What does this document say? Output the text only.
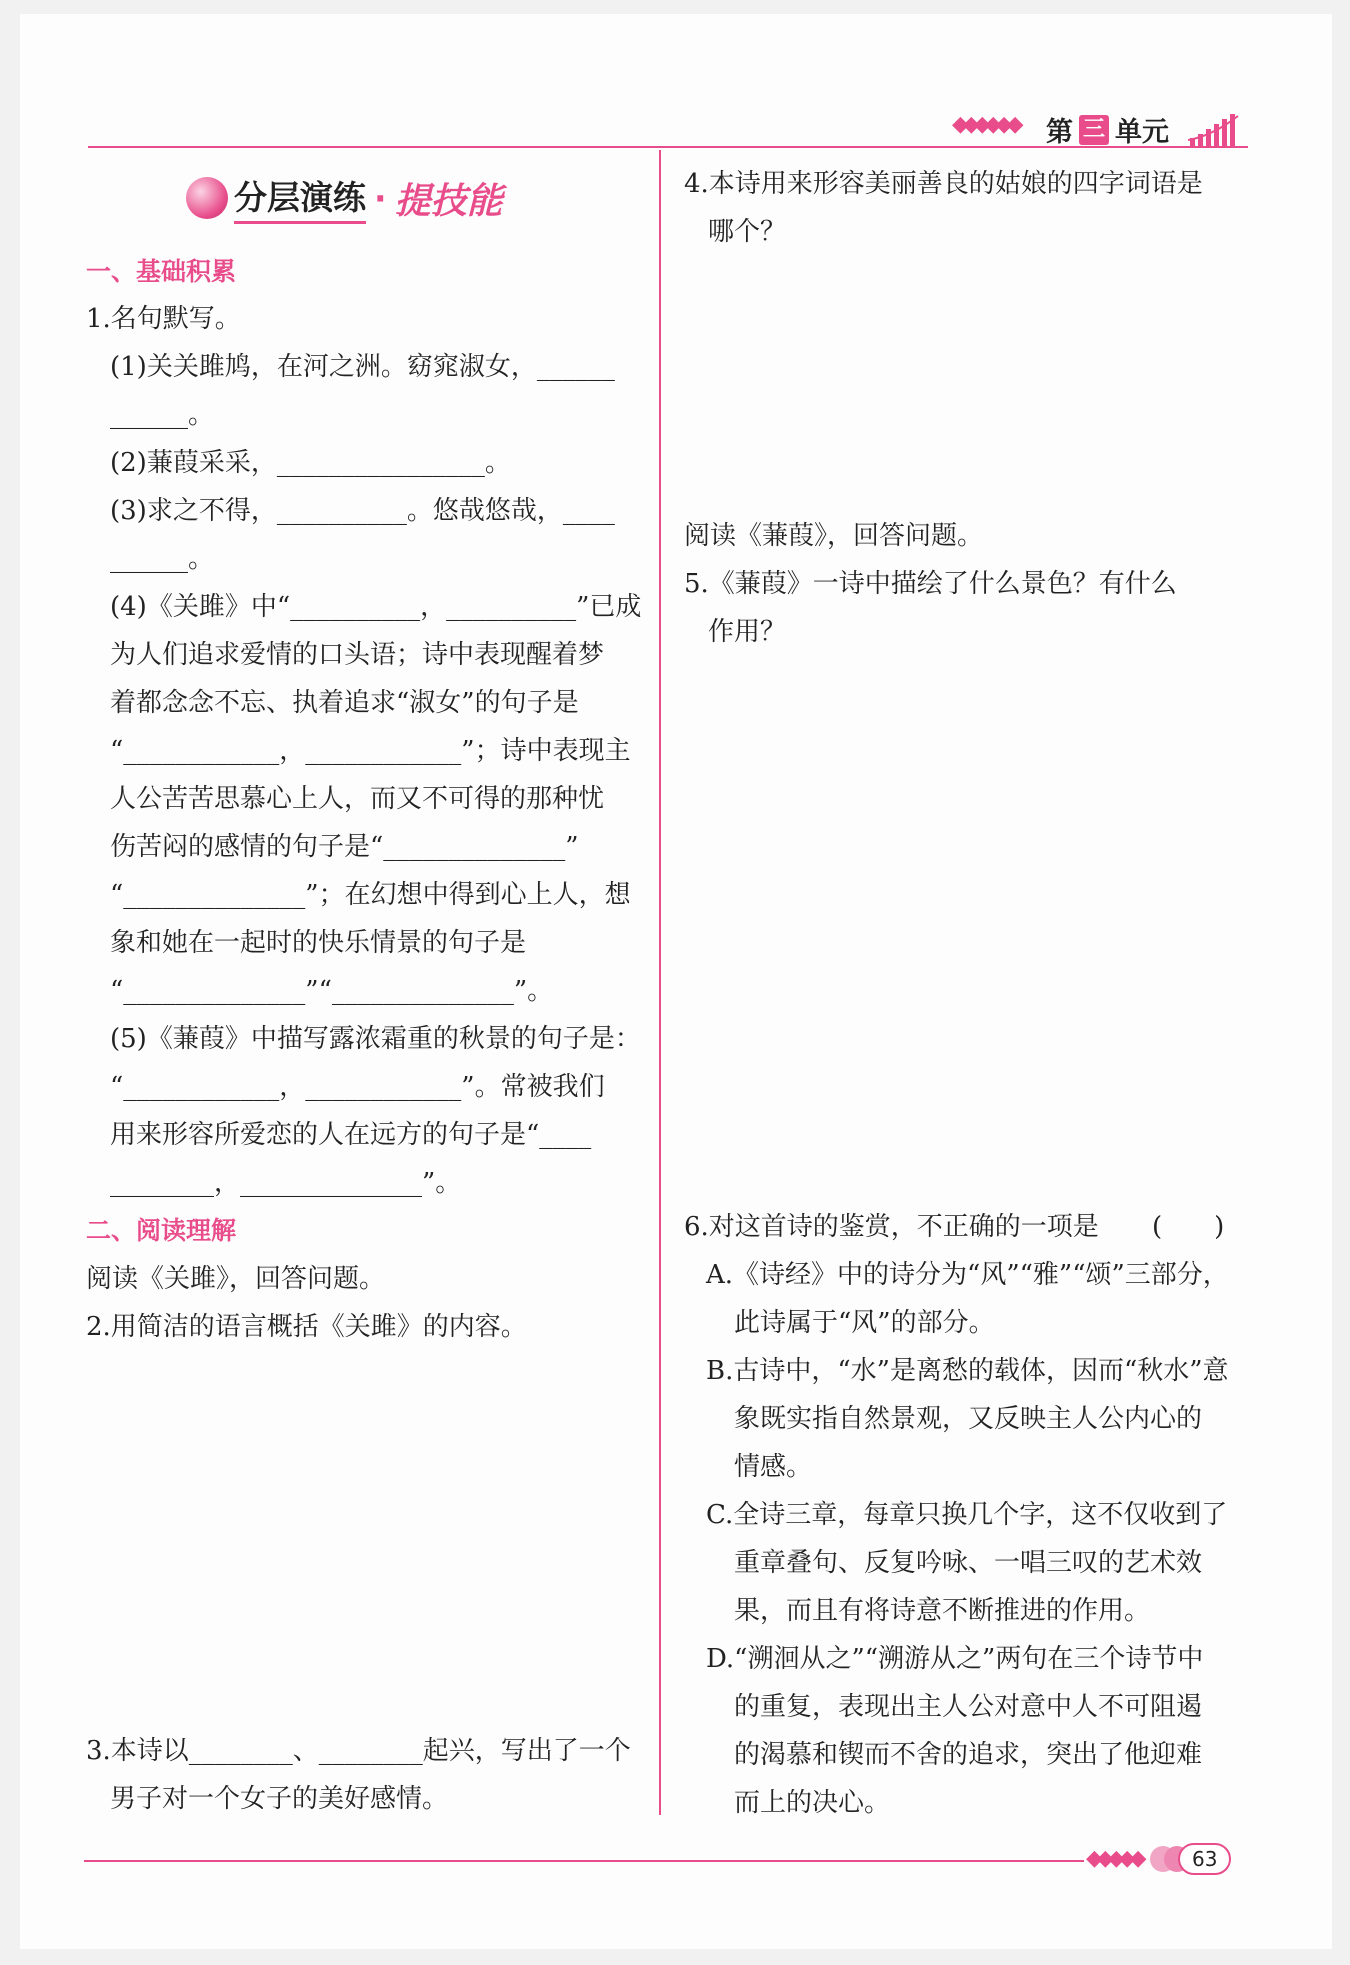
◆◆◆◆◆◆ 第 三 单元
分层演练 · 提技能
一、基础积累
1.名句默写。
(1)关关雎鸠，在河之洲。窈窕淑女，______
______。
(2)蒹葭采采，________________。
(3)求之不得，__________。悠哉悠哉，____
______。
(4)《关雎》中“__________，__________”已成
为人们追求爱情的口头语；诗中表现醒着梦
着都念念不忘、执着追求“淑女”的句子是
“____________，____________”；诗中表现主
人公苦苦思慕心上人，而又不可得的那种忧
伤苦闷的感情的句子是“______________”
“______________”；在幻想中得到心上人，想
象和她在一起时的快乐情景的句子是
“______________”“______________”。
(5)《蒹葭》中描写露浓霜重的秋景的句子是：
“____________，____________”。常被我们
用来形容所爱恋的人在远方的句子是“____
________，______________”。
二、阅读理解
阅读《关雎》，回答问题。
2.用简洁的语言概括《关雎》的内容。
3.本诗以________、________起兴，写出了一个
男子对一个女子的美好感情。
4.本诗用来形容美丽善良的姑娘的四字词语是
哪个？
阅读《蒹葭》，回答问题。
5.《蒹葭》一诗中描绘了什么景色？有什么
作用？
6.对这首诗的鉴赏，不正确的一项是 (　　)
A.《诗经》中的诗分为“风”“雅”“颂”三部分，
此诗属于“风”的部分。
B.古诗中，“水”是离愁的载体，因而“秋水”意
象既实指自然景观，又反映主人公内心的
情感。
C.全诗三章，每章只换几个字，这不仅收到了
重章叠句、反复吟咏、一唱三叹的艺术效
果，而且有将诗意不断推进的作用。
D.“溯洄从之”“溯游从之”两句在三个诗节中
的重复，表现出主人公对意中人不可阻遏
的渴慕和锲而不舍的追求，突出了他迎难
而上的决心。
◆◆◆◆◆	63
